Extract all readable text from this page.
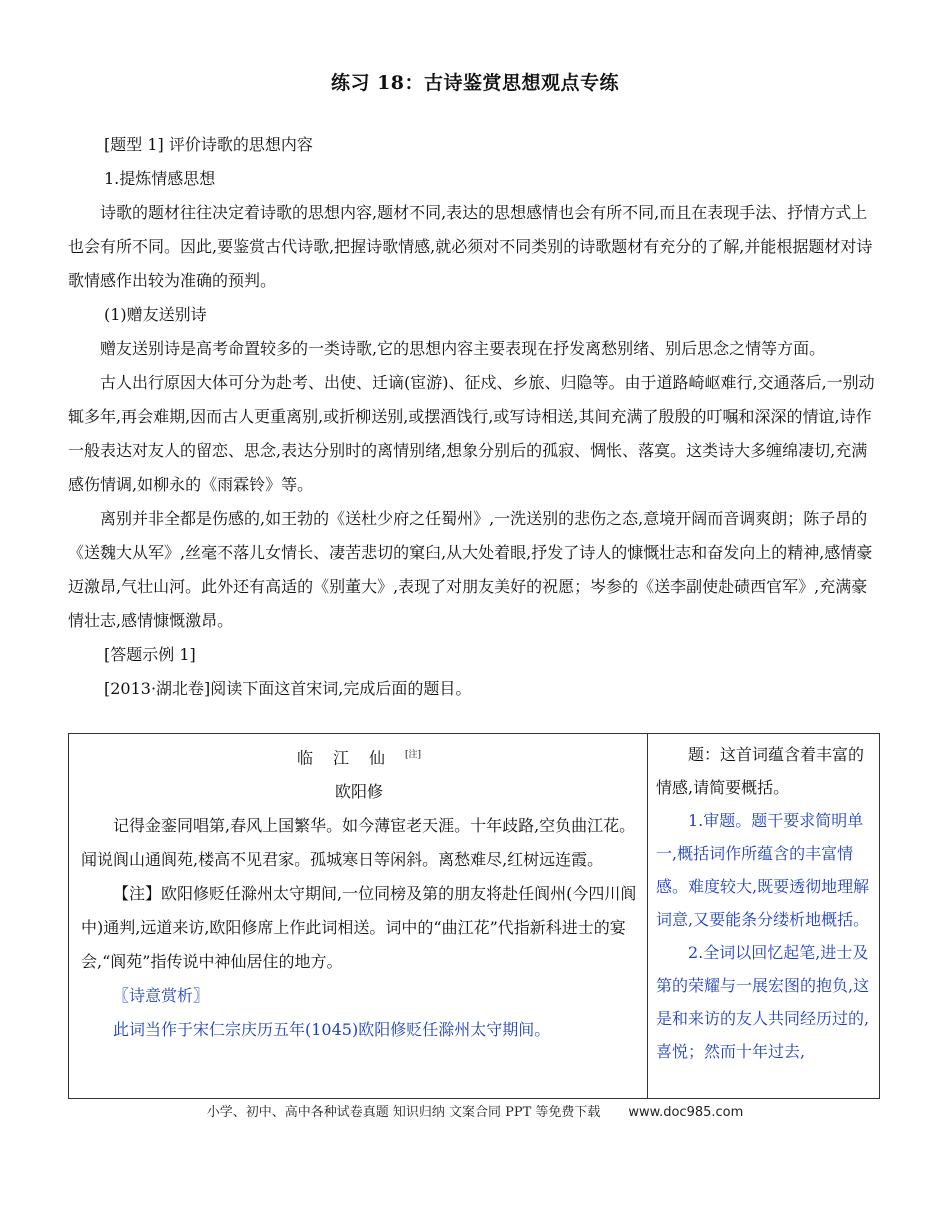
练习 18：古诗鉴赏思想观点专练

[题型 1] 评价诗歌的思想内容

1.提炼情感思想

诗歌的题材往往决定着诗歌的思想内容,题材不同,表达的思想感情也会有所不同,而且在表现手法、抒情方式上也会有所不同。因此,要鉴赏古代诗歌,把握诗歌情感,就必须对不同类别的诗歌题材有充分的了解,并能根据题材对诗歌情感作出较为准确的预判。

(1)赠友送别诗

赠友送别诗是高考命置较多的一类诗歌,它的思想内容主要表现在抒发离愁别绪、别后思念之情等方面。

古人出行原因大体可分为赴考、出使、迁谪(宦游)、征戍、乡旅、归隐等。由于道路崎岖难行,交通落后,一别动辄多年,再会难期,因而古人更重离别,或折柳送别,或摆酒饯行,或写诗相送,其间充满了殷殷的叮嘱和深深的情谊,诗作一般表达对友人的留恋、思念,表达分别时的离情别绪,想象分别后的孤寂、惆怅、落寞。这类诗大多缠绵凄切,充满感伤情调,如柳永的《雨霖铃》等。

离别并非全都是伤感的,如王勃的《送杜少府之任蜀州》,一洗送别的悲伤之态,意境开阔而音调爽朗；陈子昂的《送魏大从军》,丝毫不落儿女情长、凄苦悲切的窠臼,从大处着眼,抒发了诗人的慷慨壮志和奋发向上的精神,感情豪迈激昂,气壮山河。此外还有高适的《别董大》,表现了对朋友美好的祝愿；岑参的《送李副使赴碛西官军》,充满豪情壮志,感情慷慨激昂。

[答题示例 1]

[2013·湖北卷]阅读下面这首宋词,完成后面的题目。

临江仙[注]
欧阳修
记得金銮同唱第,春风上国繁华。如今薄宦老天涯。十年歧路,空负曲江花。　　闻说阆山通阆苑,楼高不见君家。孤城寒日等闲斜。离愁难尽,红树远连霞。
【注】欧阳修贬任滁州太守期间,一位同榜及第的朋友将赴任阆州(今四川阆中)通判,远道来访,欧阳修席上作此词相送。词中的“曲江花”代指新科进士的宴会,“阆苑”指传说中神仙居住的地方。
〖诗意赏析〗
此词当作于宋仁宗庆历五年(1045)欧阳修贬任滁州太守期间。

题：这首词蕴含着丰富的情感,请简要概括。
1.审题。题干要求简明单一,概括词作所蕴含的丰富情感。难度较大,既要透彻地理解词意,又要能条分缕析地概括。
2.全词以回忆起笔,进士及第的荣耀与一展宏图的抱负,这是和来访的友人共同经历过的,喜悦；然而十年过去,
小学、初中、高中各种试卷真题 知识归纳 文案合同 PPT 等免费下载 www.doc985.com
